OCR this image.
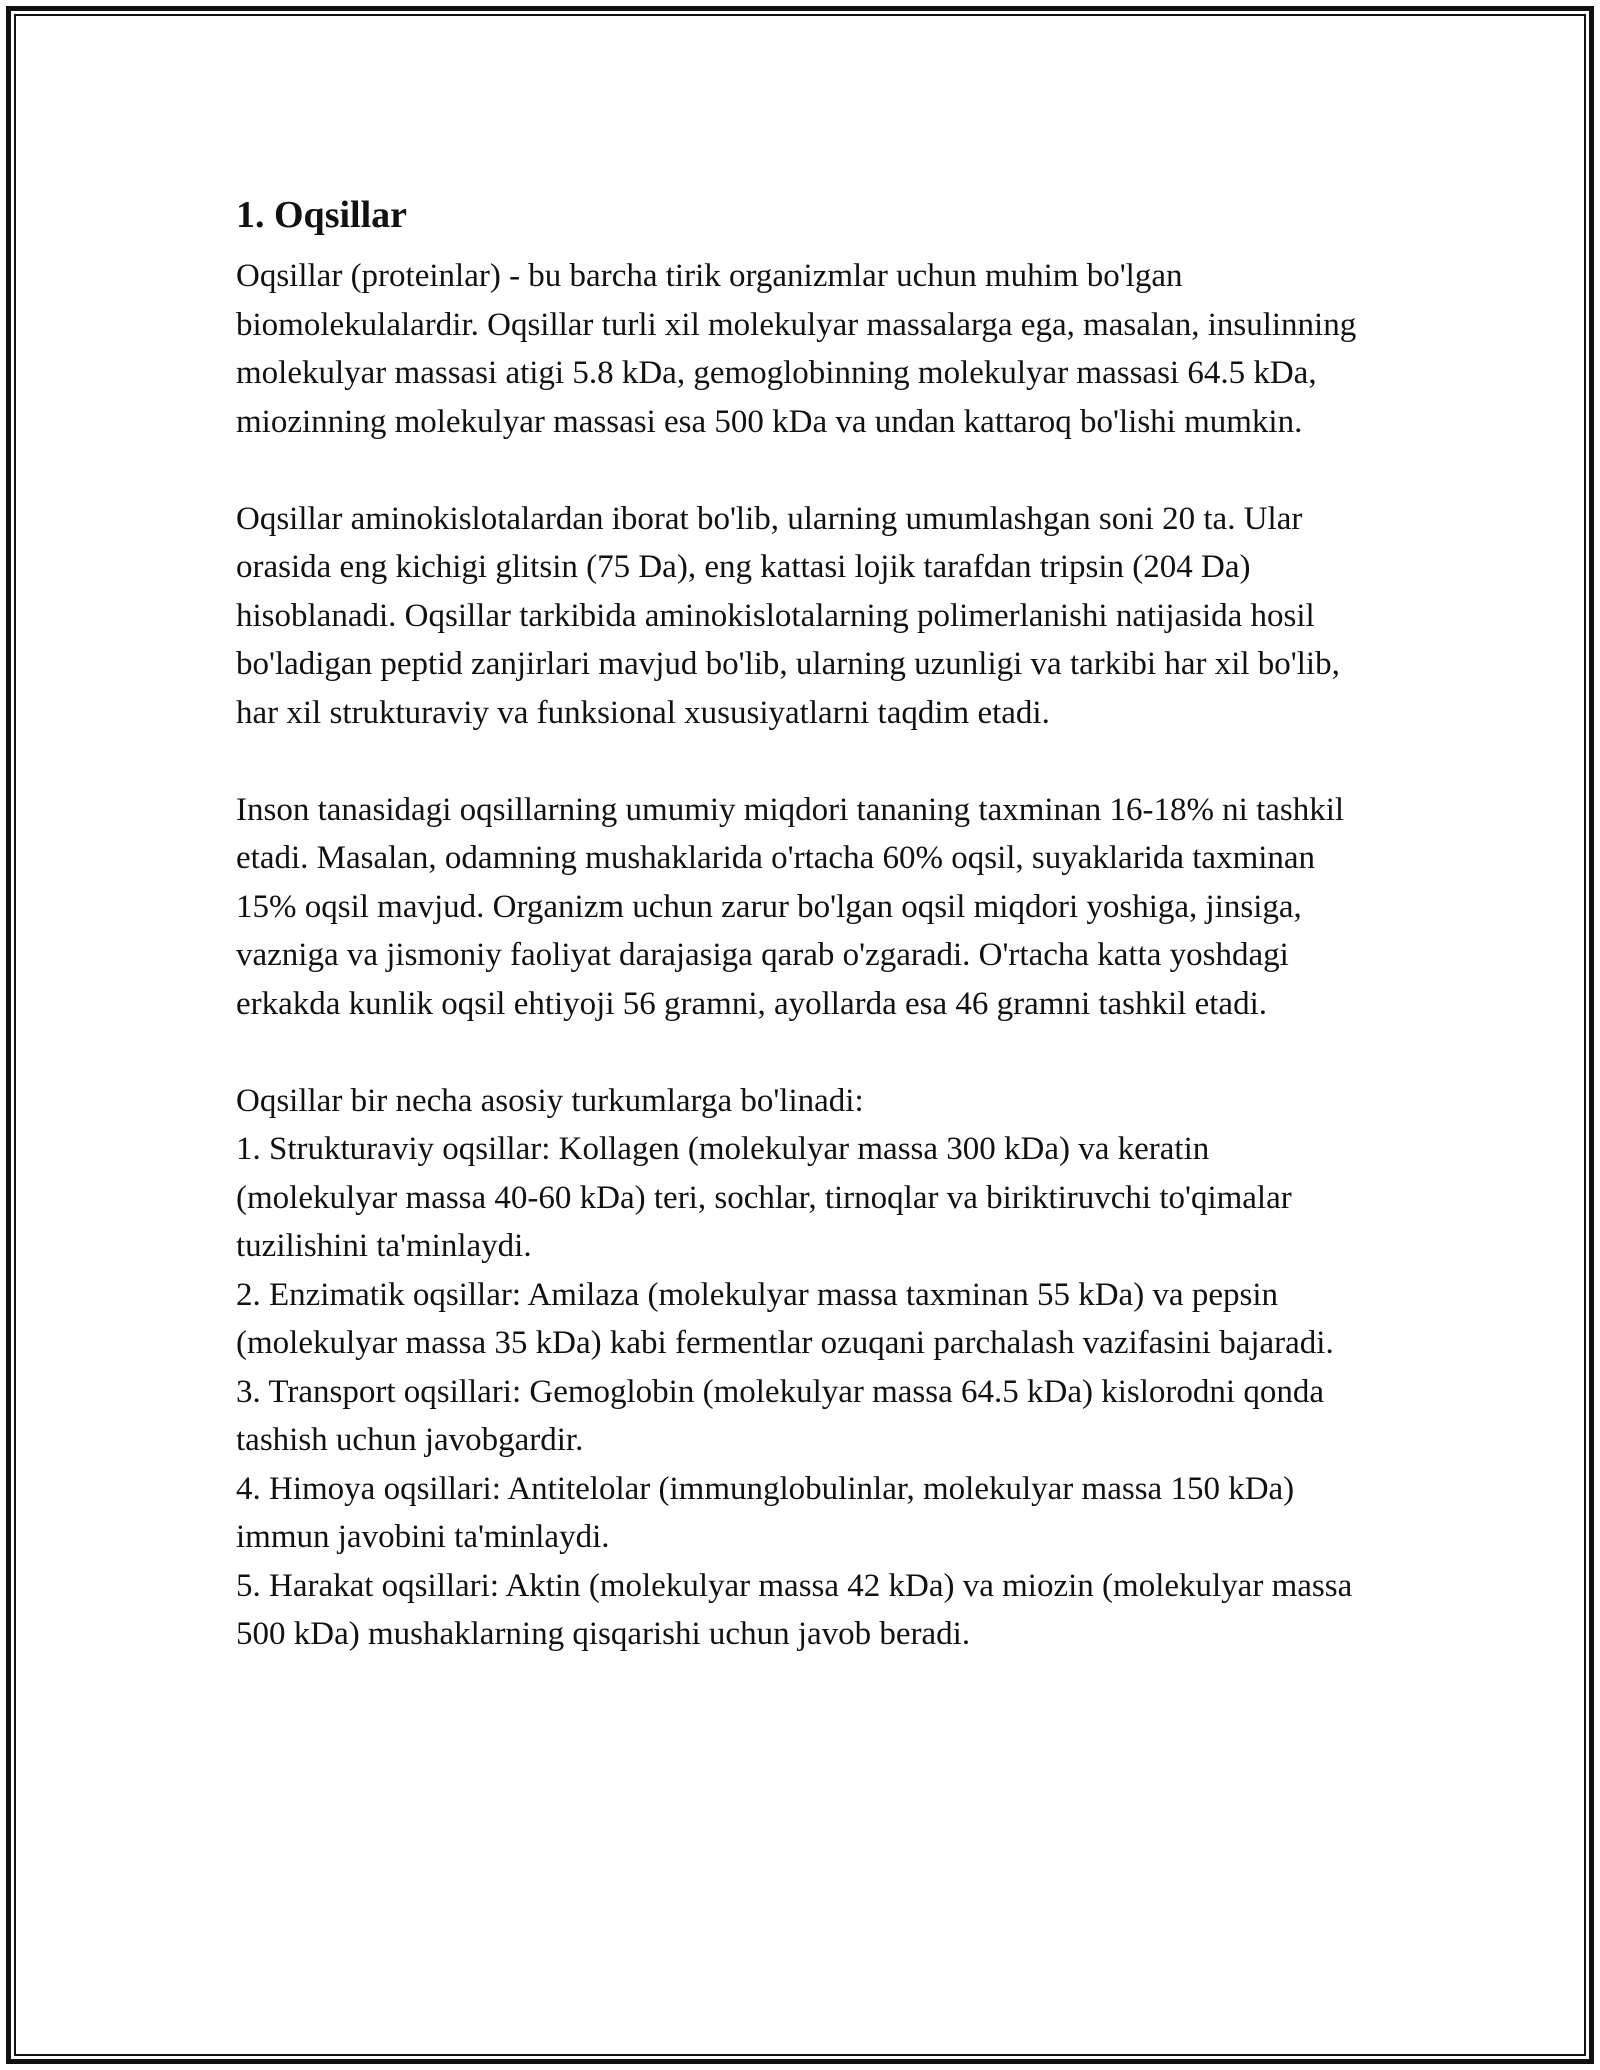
1. Oqsillar

Oqsillar (proteinlar) - bu barcha tirik organizmlar uchun muhim bo'lgan biomolekulalardir. Oqsillar turli xil molekulyar massalarga ega, masalan, insulinning molekulyar massasi atigi 5.8 kDa, gemoglobinning molekulyar massasi 64.5 kDa, miozinning molekulyar massasi esa 500 kDa va undan kattaroq bo'lishi mumkin.

Oqsillar aminokislotalardan iborat bo'lib, ularning umumlashgan soni 20 ta. Ular orasida eng kichigi glitsin (75 Da), eng kattasi lojik tarafdan tripsin (204 Da) hisoblanadi. Oqsillar tarkibida aminokislotalarning polimerlanishi natijasida hosil bo'ladigan peptid zanjirlari mavjud bo'lib, ularning uzunligi va tarkibi har xil bo'lib, har xil strukturaviy va funksional xususiyatlarni taqdim etadi.

Inson tanasidagi oqsillarning umumiy miqdori tananing taxminan 16-18% ni tashkil etadi. Masalan, odamning mushaklarida o'rtacha 60% oqsil, suyaklarida taxminan 15% oqsil mavjud. Organizm uchun zarur bo'lgan oqsil miqdori yoshiga, jinsiga, vazniga va jismoniy faoliyat darajasiga qarab o'zgaradi. O'rtacha katta yoshdagi erkakda kunlik oqsil ehtiyoji 56 gramni, ayollarda esa 46 gramni tashkil etadi.

Oqsillar bir necha asosiy turkumlarga bo'linadi:

1. Strukturaviy oqsillar: Kollagen (molekulyar massa 300 kDa) va keratin (molekulyar massa 40-60 kDa) teri, sochlar, tirnoqlar va biriktiruvchi to'qimalar tuzilishini ta'minlaydi.

2. Enzimatik oqsillar: Amilaza (molekulyar massa taxminan 55 kDa) va pepsin (molekulyar massa 35 kDa) kabi fermentlar ozuqani parchalash vazifasini bajaradi.

3. Transport oqsillari: Gemoglobin (molekulyar massa 64.5 kDa) kislorodni qonda tashish uchun javobgardir.

4. Himoya oqsillari: Antitelolar (immunglobulinlar, molekulyar massa 150 kDa) immun javobini ta'minlaydi.

5. Harakat oqsillari: Aktin (molekulyar massa 42 kDa) va miozin (molekulyar massa 500 kDa) mushaklarning qisqarishi uchun javob beradi.
